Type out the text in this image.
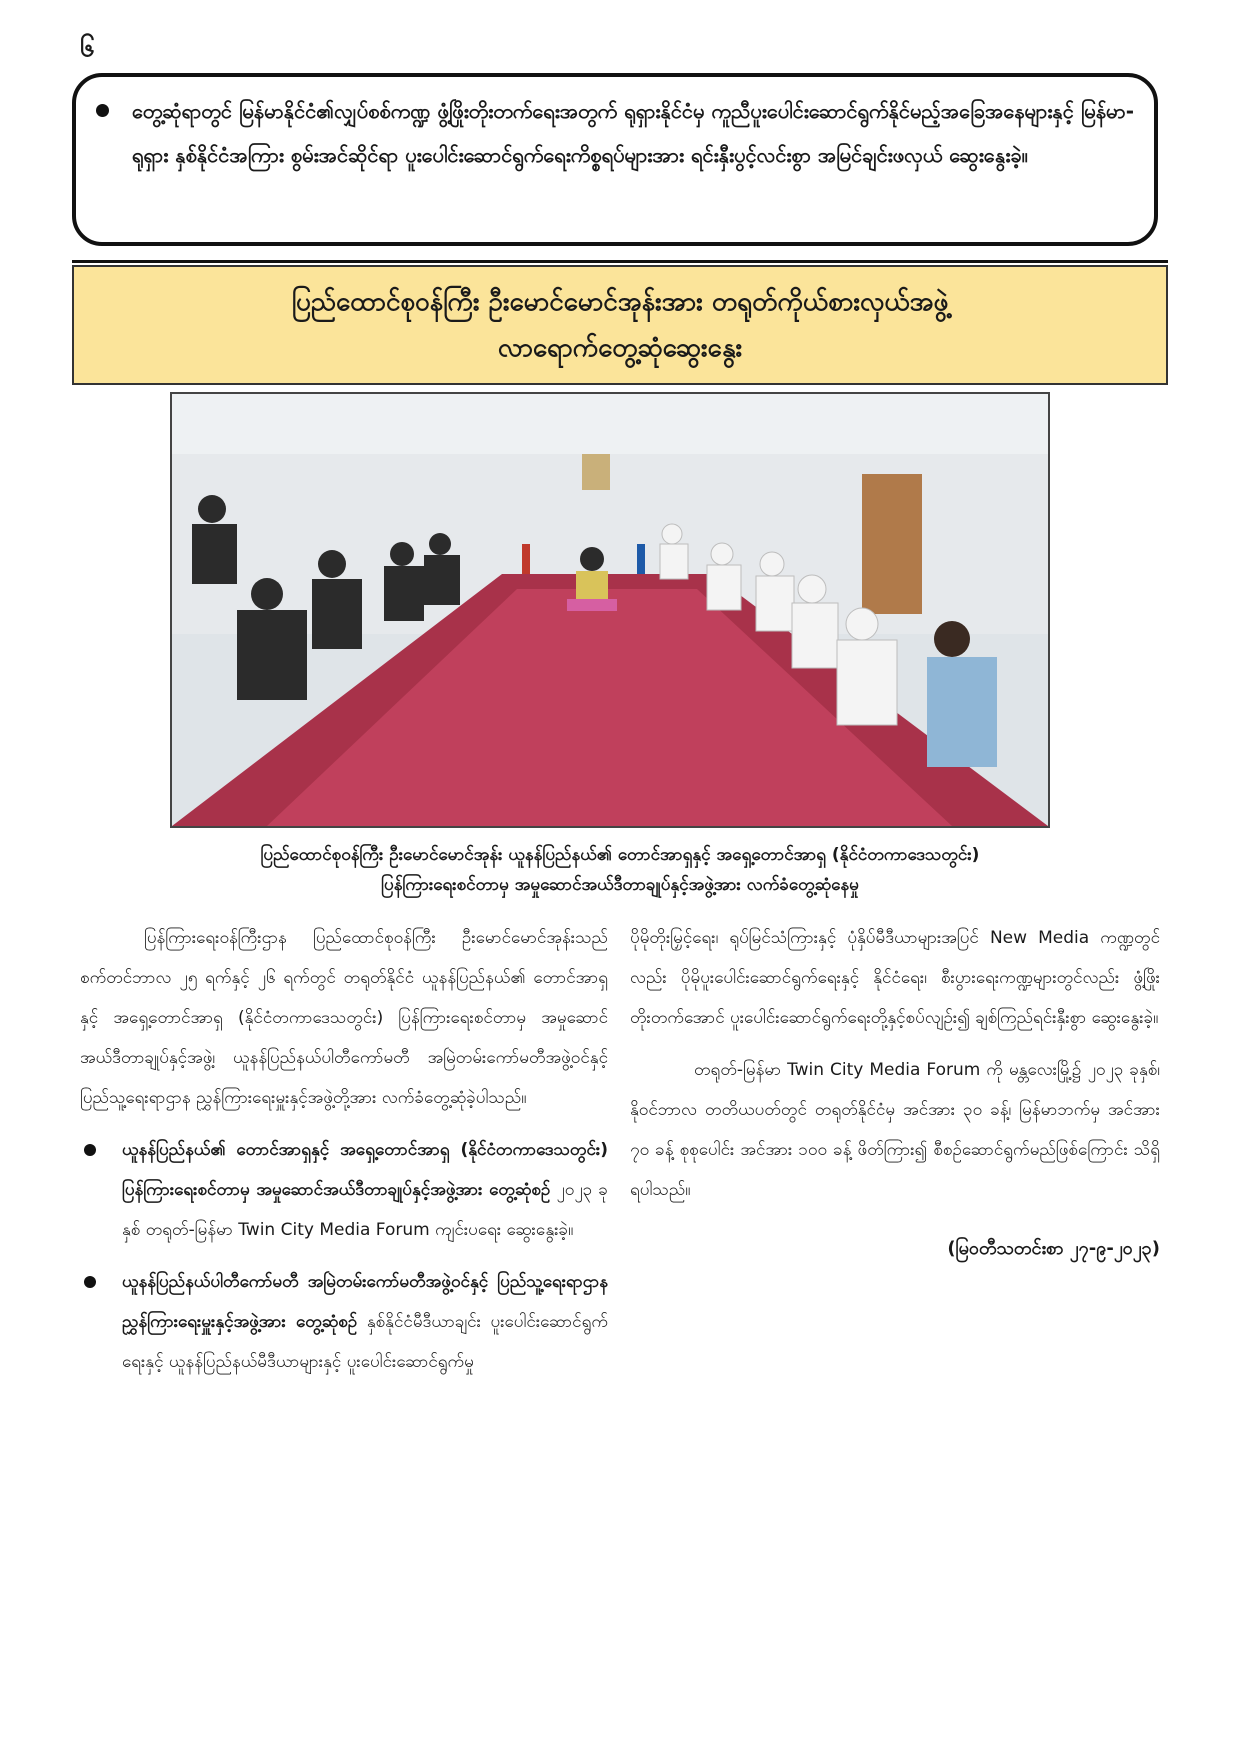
၆
တွေ့ဆုံရာတွင် မြန်မာနိုင်ငံ၏လျှပ်စစ်ကဏ္ဍ ဖွံ့ဖြိုးတိုးတက်ရေးအတွက် ရုရှားနိုင်ငံမှ ကူညီပူးပေါင်းဆောင်ရွက်နိုင်မည့်အခြေအနေများနှင့် မြန်မာ-ရုရှား နှစ်နိုင်ငံအကြား စွမ်းအင်ဆိုင်ရာ ပူးပေါင်းဆောင်ရွက်ရေးကိစ္စရပ်များအား ရင်းနှီးပွင့်လင်းစွာ အမြင်ချင်းဖလှယ် ဆွေးနွေးခဲ့။
ပြည်ထောင်စုဝန်ကြီး ဦးမောင်မောင်အုန်းအား တရုတ်ကိုယ်စားလှယ်အဖွဲ့
လာရောက်တွေ့ဆုံဆွေးနွေး
ပြည်ထောင်စုဝန်ကြီး ဦးမောင်မောင်အုန်း ယူနန်ပြည်နယ်၏ တောင်အာရှနှင့် အရှေ့တောင်အာရှ (နိုင်ငံတကာဒေသတွင်း)
ပြန်ကြားရေးစင်တာမှ အမှုဆောင်အယ်ဒီတာချုပ်နှင့်အဖွဲ့အား လက်ခံတွေ့ဆုံနေမှု

ပြန်ကြားရေးဝန်ကြီးဌာန ပြည်ထောင်စုဝန်ကြီး ဦးမောင်မောင်အုန်းသည် စက်တင်ဘာလ ၂၅ ရက်နှင့် ၂၆ ရက်တွင် တရုတ်နိုင်ငံ ယူနန်ပြည်နယ်၏ တောင်အာရှနှင့် အရှေ့တောင်အာရှ (နိုင်ငံတကာဒေသတွင်း) ပြန်ကြားရေးစင်တာမှ အမှုဆောင်အယ်ဒီတာချုပ်နှင့်အဖွဲ့၊ ယူနန်ပြည်နယ်ပါတီကော်မတီ အမြဲတမ်းကော်မတီအဖွဲ့ဝင်နှင့် ပြည်သူ့ရေးရာဌာန ညွှန်ကြားရေးမှူးနှင့်အဖွဲ့တို့အား လက်ခံတွေ့ဆုံခဲ့ပါသည်။

ယူနန်ပြည်နယ်၏ တောင်အာရှနှင့် အရှေ့တောင်အာရှ (နိုင်ငံတကာဒေသတွင်း) ပြန်ကြားရေးစင်တာမှ အမှုဆောင်အယ်ဒီတာချုပ်နှင့်အဖွဲ့အား တွေ့ဆုံစဉ် ၂၀၂၃ ခုနှစ် တရုတ်-မြန်မာ Twin City Media Forum ကျင်းပရေး ဆွေးနွေးခဲ့။
ယူနန်ပြည်နယ်ပါတီကော်မတီ အမြဲတမ်းကော်မတီအဖွဲ့ဝင်နှင့် ပြည်သူ့ရေးရာဌာန ညွှန်ကြားရေးမှူးနှင့်အဖွဲ့အား တွေ့ဆုံစဉ် နှစ်နိုင်ငံမီဒီယာချင်း ပူးပေါင်းဆောင်ရွက်ရေးနှင့် ယူနန်ပြည်နယ်မီဒီယာများနှင့် ပူးပေါင်းဆောင်ရွက်မှု

ပိုမိုတိုးမြှင့်ရေး၊ ရုပ်မြင်သံကြားနှင့် ပုံနှိပ်မီဒီယာများအပြင် New Media ကဏ္ဍတွင်လည်း ပိုမိုပူးပေါင်းဆောင်ရွက်ရေးနှင့် နိုင်ငံရေး၊ စီးပွားရေးကဏ္ဍများတွင်လည်း ဖွံ့ဖြိုးတိုးတက်အောင် ပူးပေါင်းဆောင်ရွက်ရေးတို့နှင့်စပ်လျဉ်း၍ ချစ်ကြည်ရင်းနှီးစွာ ဆွေးနွေးခဲ့။

တရုတ်-မြန်မာ Twin City Media Forum ကို မန္တလေးမြို့၌ ၂၀၂၃ ခုနှစ်၊ နိုဝင်ဘာလ တတိယပတ်တွင် တရုတ်နိုင်ငံမှ အင်အား ၃၀ ခန့်၊ မြန်မာဘက်မှ အင်အား ၇၀ ခန့် စုစုပေါင်း အင်အား ၁၀၀ ခန့် ဖိတ်ကြား၍ စီစဉ်ဆောင်ရွက်မည်ဖြစ်ကြောင်း သိရှိရပါသည်။

(မြဝတီသတင်းစာ ၂၇-၉-၂၀၂၃)
